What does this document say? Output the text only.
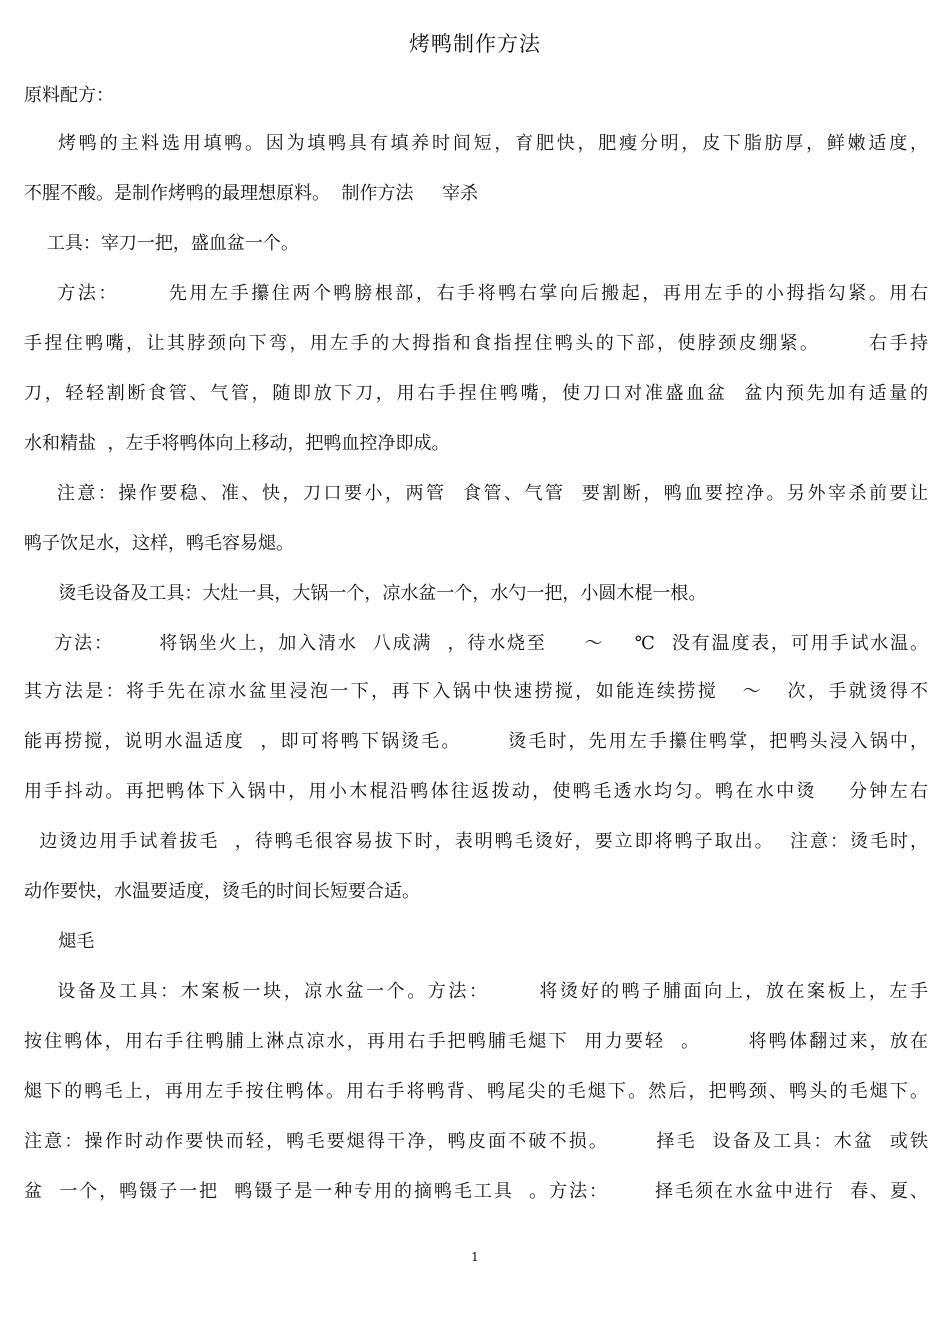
烤鸭制作方法
原料配方：
烤鸭的主料选用填鸭。因为填鸭具有填养时间短，育肥快，肥瘦分明，皮下脂肪厚，鲜嫩适度，
不腥不酸。是制作烤鸭的最理想原料。  制作方法     宰杀
工具：宰刀一把，盛血盆一个。
方法：      先用左手攥住两个鸭膀根部，右手将鸭右掌向后搬起，再用左手的小拇指勾紧。用右
手捏住鸭嘴，让其脖颈向下弯，用左手的大拇指和食指捏住鸭头的下部，使脖颈皮绷紧。      右手持
刀，轻轻割断食管、气管，随即放下刀，用右手捏住鸭嘴，使刀口对准盛血盆  盆内预先加有适量的
水和精盐  ，左手将鸭体向上移动，把鸭血控净即成。
注意：操作要稳、准、快，刀口要小，两管  食管、气管  要割断，鸭血要控净。另外宰杀前要让
鸭子饮足水，这样，鸭毛容易煺。
烫毛设备及工具：大灶一具，大锅一个，凉水盆一个，水勺一把，小圆木棍一根。
方法：      将锅坐火上，加入清水  八成满  ，待水烧至     ～    ℃  没有温度表，可用手试水温。
其方法是：将手先在凉水盆里浸泡一下，再下入锅中快速捞搅，如能连续捞搅   ～   次，手就烫得不
能再捞搅，说明水温适度  ，即可将鸭下锅烫毛。      烫毛时，先用左手攥住鸭掌，把鸭头浸入锅中，
用手抖动。再把鸭体下入锅中，用小木棍沿鸭体往返拨动，使鸭毛透水均匀。鸭在水中烫    分钟左右
边烫边用手试着拔毛  ，待鸭毛很容易拔下时，表明鸭毛烫好，要立即将鸭子取出。  注意：烫毛时，
动作要快，水温要适度，烫毛的时间长短要合适。
煺毛
设备及工具：木案板一块，凉水盆一个。方法：      将烫好的鸭子脯面向上，放在案板上，左手
按住鸭体，用右手往鸭脯上淋点凉水，再用右手把鸭脯毛煺下  用力要轻  。      将鸭体翻过来，放在
煺下的鸭毛上，再用左手按住鸭体。用右手将鸭背、鸭尾尖的毛煺下。然后，把鸭颈、鸭头的毛煺下。
注意：操作时动作要快而轻，鸭毛要煺得干净，鸭皮面不破不损。      择毛  设备及工具：木盆  或铁
盆  一个，鸭镊子一把  鸭镊子是一种专用的摘鸭毛工具  。方法：      择毛须在水盆中进行  春、夏、
1
